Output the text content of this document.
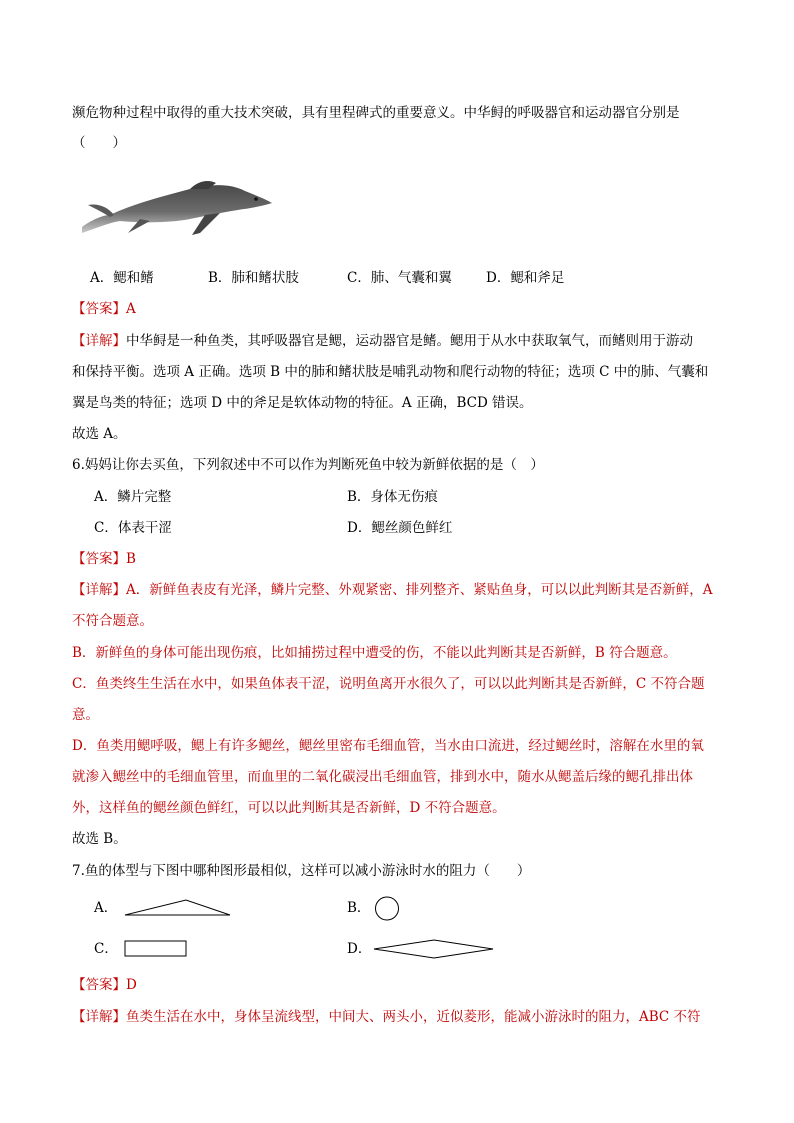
濒危物种过程中取得的重大技术突破，具有里程碑式的重要意义。中华鲟的呼吸器官和运动器官分别是
（　　）
A．鳃和鳍	B．肺和鳍状肢	C．肺、气囊和翼	D．鳃和斧足
【答案】A
【详解】中华鲟是一种鱼类，其呼吸器官是鳃，运动器官是鳍。鳃用于从水中获取氧气，而鳍则用于游动
和保持平衡。选项 A 正确。选项 B 中的肺和鳍状肢是哺乳动物和爬行动物的特征；选项 C 中的肺、气囊和
翼是鸟类的特征；选项 D 中的斧足是软体动物的特征。A 正确，BCD 错误。
故选 A。
6.妈妈让你去买鱼，下列叙述中不可以作为判断死鱼中较为新鲜依据的是（　）
A．鳞片完整	B．身体无伤痕
C．体表干涩	D．鳃丝颜色鲜红
【答案】B
【详解】A．新鲜鱼表皮有光泽，鳞片完整、外观紧密、排列整齐、紧贴鱼身，可以以此判断其是否新鲜，A
不符合题意。
B．新鲜鱼的身体可能出现伤痕，比如捕捞过程中遭受的伤，不能以此判断其是否新鲜，B 符合题意。
C．鱼类终生生活在水中，如果鱼体表干涩，说明鱼离开水很久了，可以以此判断其是否新鲜，C 不符合题
意。
D．鱼类用鳃呼吸，鳃上有许多鳃丝，鳃丝里密布毛细血管，当水由口流进，经过鳃丝时，溶解在水里的氧
就渗入鳃丝中的毛细血管里，而血里的二氧化碳浸出毛细血管，排到水中，随水从鳃盖后缘的鳃孔排出体
外，这样鱼的鳃丝颜色鲜红，可以以此判断其是否新鲜，D 不符合题意。
故选 B。
7.鱼的体型与下图中哪种图形最相似，这样可以减小游泳时水的阻力（　　）
A．	B．
C．	D．
【答案】D
【详解】鱼类生活在水中，身体呈流线型，中间大、两头小，近似菱形，能减小游泳时的阻力，ABC 不符
